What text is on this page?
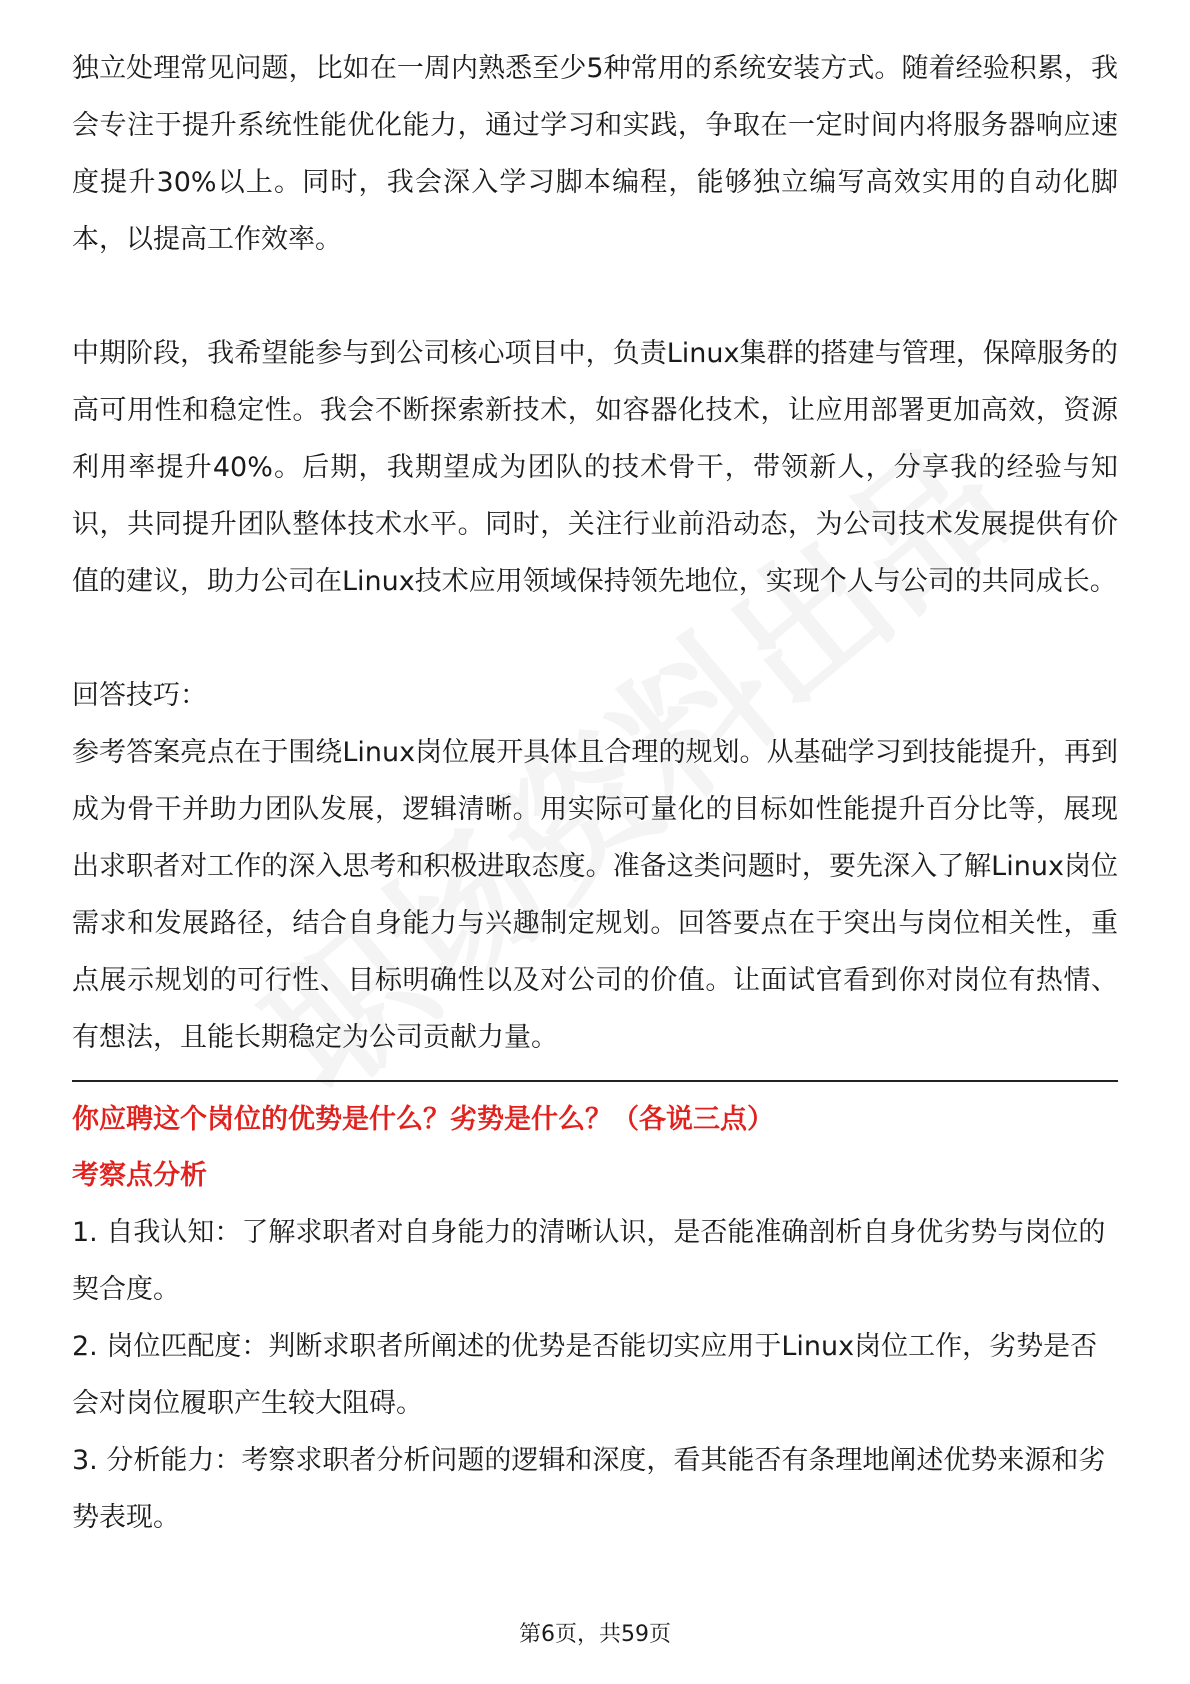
独立处理常见问题，比如在一周内熟悉至少5种常用的系统安装方式。随着经验积累，我会专注于提升系统性能优化能力，通过学习和实践，争取在一定时间内将服务器响应速度提升30%以上。同时，我会深入学习脚本编程，能够独立编写高效实用的自动化脚本，以提高工作效率。

中期阶段，我希望能参与到公司核心项目中，负责Linux集群的搭建与管理，保障服务的高可用性和稳定性。我会不断探索新技术，如容器化技术，让应用部署更加高效，资源利用率提升40%。后期，我期望成为团队的技术骨干，带领新人，分享我的经验与知识，共同提升团队整体技术水平。同时，关注行业前沿动态，为公司技术发展提供有价值的建议，助力公司在Linux技术应用领域保持领先地位，实现个人与公司的共同成长。

回答技巧：

参考答案亮点在于围绕Linux岗位展开具体且合理的规划。从基础学习到技能提升，再到成为骨干并助力团队发展，逻辑清晰。用实际可量化的目标如性能提升百分比等，展现出求职者对工作的深入思考和积极进取态度。准备这类问题时，要先深入了解Linux岗位需求和发展路径，结合自身能力与兴趣制定规划。回答要点在于突出与岗位相关性，重点展示规划的可行性、目标明确性以及对公司的价值。让面试官看到你对岗位有热情、有想法，且能长期稳定为公司贡献力量。

你应聘这个岗位的优势是什么？劣势是什么？（各说三点）

考察点分析

1. 自我认知：了解求职者对自身能力的清晰认识，是否能准确剖析自身优劣势与岗位的契合度。

2. 岗位匹配度：判断求职者所阐述的优势是否能切实应用于Linux岗位工作，劣势是否会对岗位履职产生较大阻碍。

3. 分析能力：考察求职者分析问题的逻辑和深度，看其能否有条理地阐述优势来源和劣势表现。

第6页，共59页
